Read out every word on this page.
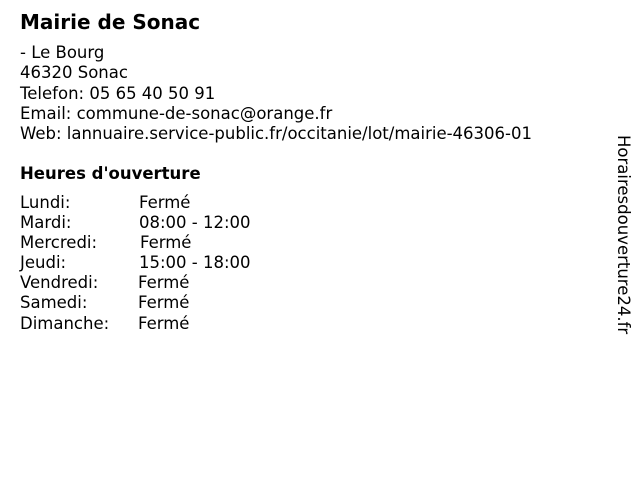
Mairie de Sonac
- Le Bourg
46320 Sonac
Telefon: 05 65 40 50 91
Email: commune-de-sonac@orange.fr
Web: lannuaire.service-public.fr/occitanie/lot/mairie-46306-01
Heures d'ouverture
Lundi:	Fermé
Mardi:	08:00 - 12:00
Mercredi:	Fermé
Jeudi:	15:00 - 18:00
Vendredi: Fermé
Samedi:	Fermé
Dimanche: Fermé	Horairesdouverture24.fr
